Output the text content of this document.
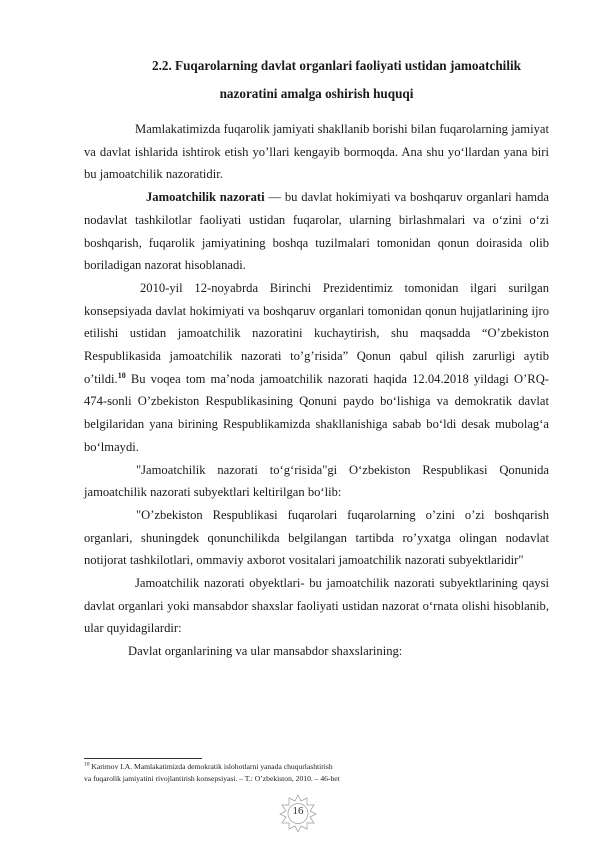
2.2. Fuqarolarning davlat organlari faoliyati ustidan jamoatchilik

nazoratini amalga oshirish huquqi

Mamlakatimizda fuqarolik jamiyati shakllanib borishi bilan fuqarolarning jamiyat va davlat ishlarida ishtirok etish yo’llari kengayib bormoqda. Ana shu yo‘llardan yana biri bu jamoatchilik nazoratidir.

Jamoatchilik nazorati — bu davlat hokimiyati va boshqaruv organlari hamda nodavlat tashkilotlar faoliyati ustidan fuqarolar, ularning birlashmalari va o‘zini o‘zi boshqarish, fuqarolik jamiyatining boshqa tuzilmalari tomonidan qonun doirasida olib boriladigan nazorat hisoblanadi.

2010-yil 12-noyabrda Birinchi Prezidentimiz tomonidan ilgari surilgan konsepsiyada davlat hokimiyati va boshqaruv organlari tomonidan qonun hujjatlarining ijro etilishi ustidan jamoatchilik nazoratini kuchaytirish, shu maqsadda “O’zbekiston Respublikasida jamoatchilik nazorati to’g’risida” Qonun qabul qilish zarurligi aytib o’tildi.$^{10}$ Bu voqea tom ma’noda jamoatchilik nazorati haqida 12.04.2018 yildagi O’RQ- 474-sonli O’zbekiston Respublikasining Qonuni paydo bo‘lishiga va demokratik davlat belgilaridan yana birining Respublikamizda shakllanishiga sabab bo‘ldi desak mubolag‘a bo‘lmaydi.

"Jamoatchilik nazorati to‘g‘risida"gi O‘zbekiston Respublikasi Qonunida jamoatchilik nazorati subyektlari keltirilgan bo‘lib:

"O’zbekiston Respublikasi fuqarolari fuqarolarning o’zini o’zi boshqarish organlari, shuningdek qonunchilikda belgilangan tartibda ro’yxatga olingan nodavlat notijorat tashkilotlari, ommaviy axborot vositalari jamoatchilik nazorati subyektlaridir"

Jamoatchilik nazorati obyektlari- bu jamoatchilik nazorati subyektlarining qaysi davlat organlari yoki mansabdor shaxslar faoliyati ustidan nazorat o‘rnata olishi hisoblanib, ular quyidagilardir:

Davlat organlarining va ular mansabdor shaxslarining:

$^{10}$ Karimov I.A. Mamlakatimizda demokratik islohotlarni yanada chuqurlashtirish
va fuqarolik jamiyatini rivojlantirish konsepsiyasi. – T.: O’zbekiston, 2010. – 46-bet
16
